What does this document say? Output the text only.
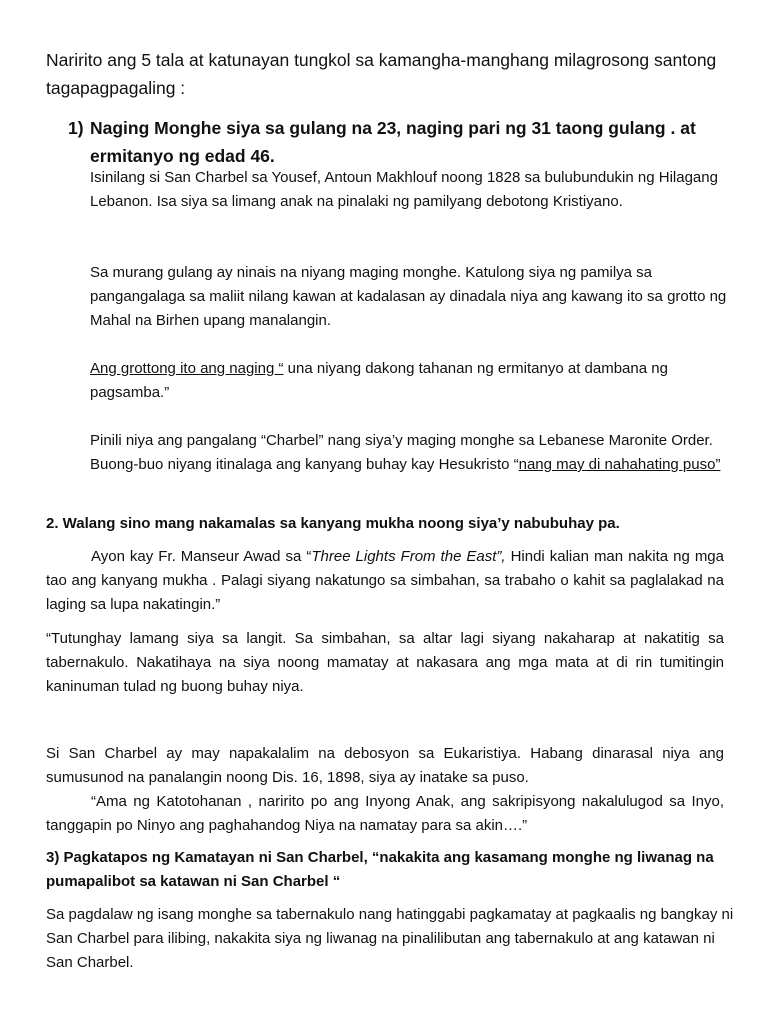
Naririto ang 5 tala at katunayan tungkol sa kamangha-manghang milagrosong santong tagapagpagaling :
1) Naging Monghe siya sa gulang na 23, naging pari ng 31 taong gulang . at ermitanyo ng edad 46.
Isinilang si San Charbel sa Yousef, Antoun Makhlouf noong 1828 sa bulubundukin ng Hilagang Lebanon. Isa siya sa limang anak na pinalaki ng pamilyang debotong Kristiyano.
Sa murang gulang ay ninais na niyang maging monghe. Katulong siya ng pamilya sa pangangalaga sa maliit nilang kawan at kadalasan ay dinadala niya ang kawang ito sa grotto ng Mahal na Birhen upang manalangin.
Ang grottong ito ang naging “ una niyang dakong tahanan ng ermitanyo at dambana ng pagsamba.”
Pinili niya ang pangalang “Charbel” nang siya’y maging monghe sa Lebanese Maronite Order. Buong-buo niyang itinalaga ang kanyang buhay kay Hesukristo “nang may di nahahating puso”
2. Walang sino mang nakamalas sa kanyang mukha noong siya’y nabubuhay pa.
Ayon kay Fr. Manseur Awad sa “Three Lights From the East”, Hindi kalian man nakita ng mga tao ang kanyang mukha . Palagi siyang nakatungo sa simbahan, sa trabaho o kahit sa paglalakad na laging sa lupa nakatingin.”
“Tutunghay lamang siya sa langit. Sa simbahan, sa altar lagi siyang nakaharap at nakatitig sa tabernakulo. Nakatihaya na siya noong mamatay at nakasara ang mga mata at di rin tumitingin kaninuman tulad ng buong buhay niya.
Si San Charbel ay may napakalalim na debosyon sa Eukaristiya. Habang dinarasal niya ang sumusunod na panalangin noong Dis. 16, 1898, siya ay inatake sa puso.
“Ama ng Katotohanan , naririto po ang Inyong Anak, ang sakripisyong nakalulugod sa Inyo, tanggapin po Ninyo ang paghahandog Niya na namatay para sa akin….”
3) Pagkatapos ng Kamatayan ni San Charbel, “nakakita ang kasamang monghe ng liwanag na pumapalibot sa katawan ni San Charbel “
Sa pagdalaw ng isang monghe sa tabernakulo nang hatinggabi pagkamatay at pagkaalis ng bangkay ni San Charbel para ilibing, nakakita siya ng liwanag na pinalilibutan ang tabernakulo at ang katawan ni San Charbel.
